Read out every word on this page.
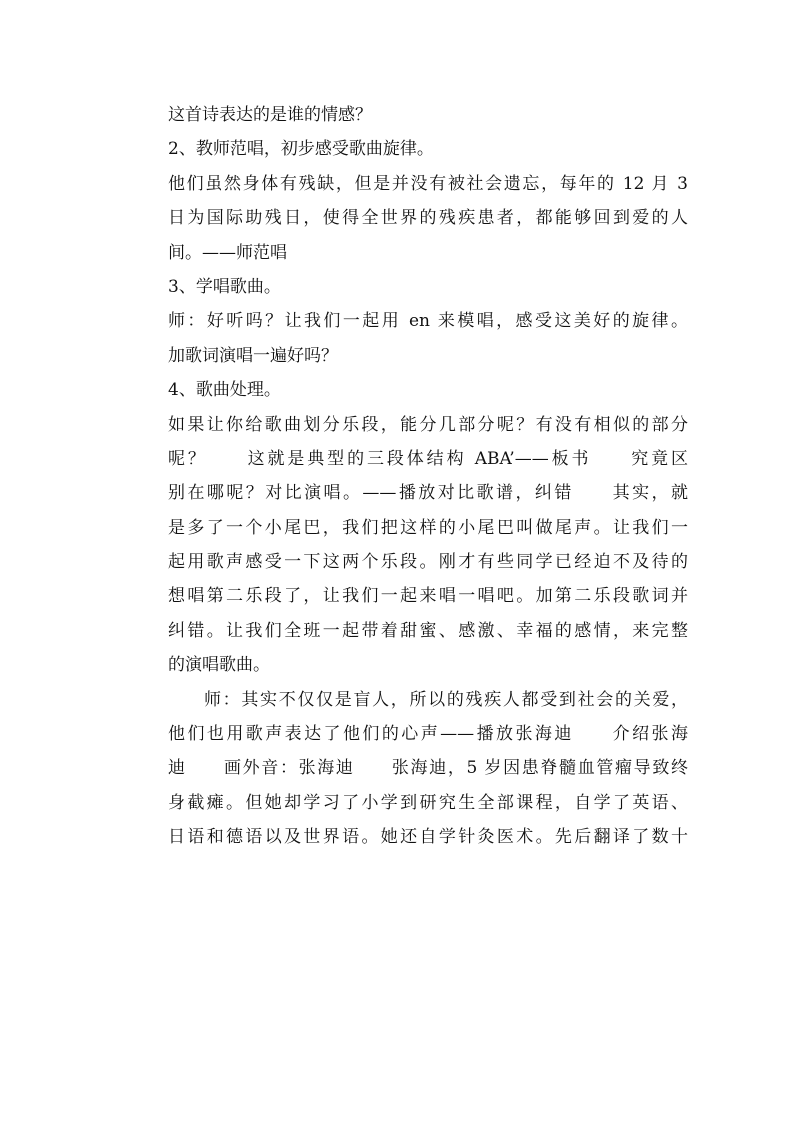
这首诗表达的是谁的情感？
2、教师范唱，初步感受歌曲旋律。
他们虽然身体有残缺，但是并没有被社会遗忘，每年的 12 月 3
日为国际助残日，使得全世界的残疾患者，都能够回到爱的人
间。——师范唱
3、学唱歌曲。
师：好听吗？让我们一起用 en 来模唱，感受这美好的旋律。
加歌词演唱一遍好吗？
4、歌曲处理。
如果让你给歌曲划分乐段，能分几部分呢？有没有相似的部分
呢？　　这就是典型的三段体结构 ABA’——板书　　究竟区
别在哪呢？对比演唱。——播放对比歌谱，纠错　　其实，就
是多了一个小尾巴，我们把这样的小尾巴叫做尾声。让我们一
起用歌声感受一下这两个乐段。刚才有些同学已经迫不及待的
想唱第二乐段了，让我们一起来唱一唱吧。加第二乐段歌词并
纠错。让我们全班一起带着甜蜜、感激、幸福的感情，来完整
的演唱歌曲。
师：其实不仅仅是盲人，所以的残疾人都受到社会的关爱，
他们也用歌声表达了他们的心声——播放张海迪　　介绍张海
迪　　画外音：张海迪　　张海迪，5 岁因患脊髓血管瘤导致终
身截瘫。但她却学习了小学到研究生全部课程，自学了英语、
日语和德语以及世界语。她还自学针灸医术。先后翻译了数十
